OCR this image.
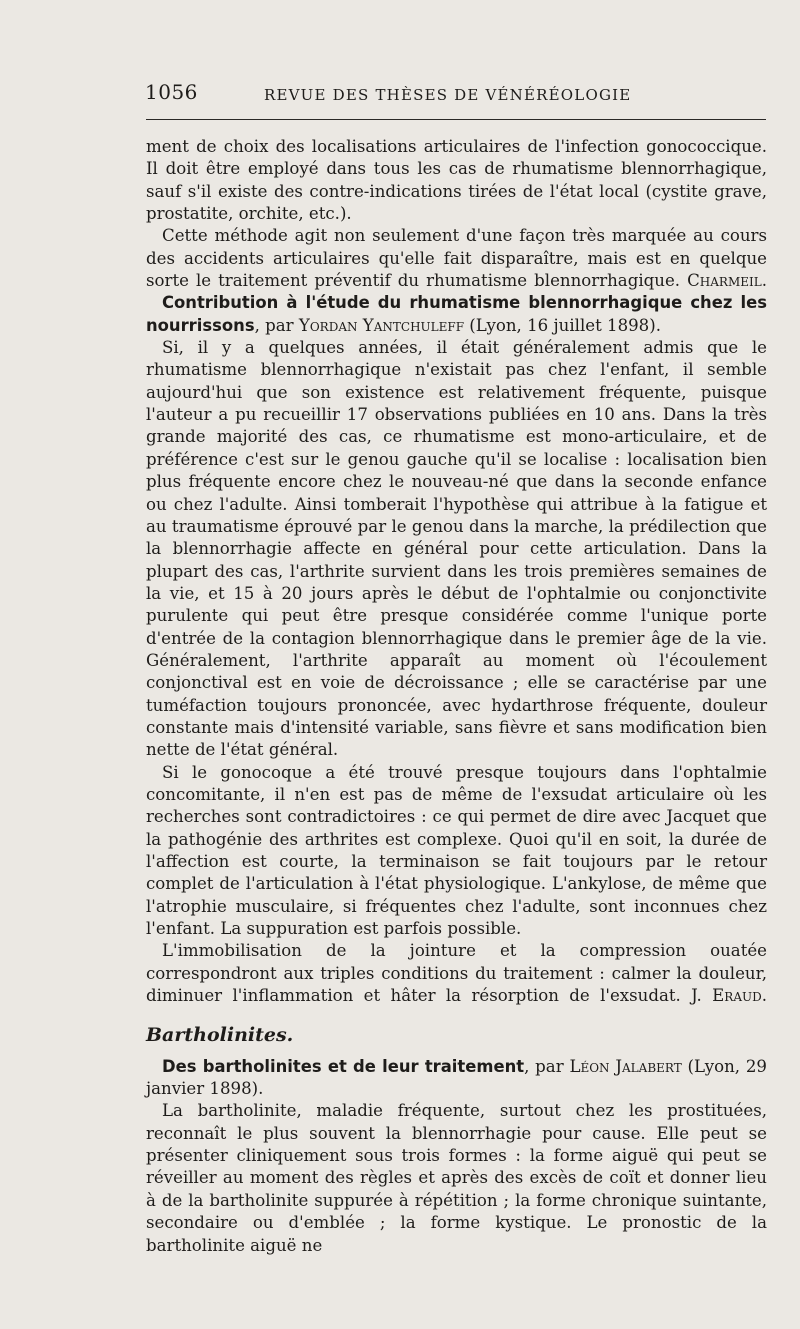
1056	REVUE DES THÈSES DE VÉNÉRÉOLOGIE

ment de choix des localisations articulaires de l'infection gonococcique. Il doit être employé dans tous les cas de rhumatisme blennorrhagique, sauf s'il existe des contre-indications tirées de l'état local (cystite grave, prostatite, orchite, etc.).

Cette méthode agit non seulement d'une façon très marquée au cours des accidents articulaires qu'elle fait disparaître, mais est en quelque sorte le traitement préventif du rhumatisme blennorrhagique. Charmeil.

Contribution à l'étude du rhumatisme blennorrhagique chez les nourrissons, par Yordan Yantchuleff (Lyon, 16 juillet 1898).

Si, il y a quelques années, il était généralement admis que le rhumatisme blennorrhagique n'existait pas chez l'enfant, il semble aujourd'hui que son existence est relativement fréquente, puisque l'auteur a pu recueillir 17 observations publiées en 10 ans. Dans la très grande majorité des cas, ce rhumatisme est mono-articulaire, et de préférence c'est sur le genou gauche qu'il se localise : localisation bien plus fréquente encore chez le nouveau-né que dans la seconde enfance ou chez l'adulte. Ainsi tomberait l'hypothèse qui attribue à la fatigue et au traumatisme éprouvé par le genou dans la marche, la prédilection que la blennorrhagie affecte en général pour cette articulation. Dans la plupart des cas, l'arthrite survient dans les trois premières semaines de la vie, et 15 à 20 jours après le début de l'ophtalmie ou conjonctivite purulente qui peut être presque considérée comme l'unique porte d'entrée de la contagion blennorrhagique dans le premier âge de la vie. Généralement, l'arthrite apparaît au moment où l'écoulement conjonctival est en voie de décroissance ; elle se caractérise par une tuméfaction toujours prononcée, avec hydarthrose fréquente, douleur constante mais d'intensité variable, sans fièvre et sans modification bien nette de l'état général.

Si le gonocoque a été trouvé presque toujours dans l'ophtalmie concomitante, il n'en est pas de même de l'exsudat articulaire où les recherches sont contradictoires : ce qui permet de dire avec Jacquet que la pathogénie des arthrites est complexe. Quoi qu'il en soit, la durée de l'affection est courte, la terminaison se fait toujours par le retour complet de l'articulation à l'état physiologique. L'ankylose, de même que l'atrophie musculaire, si fréquentes chez l'adulte, sont inconnues chez l'enfant. La suppuration est parfois possible.

L'immobilisation de la jointure et la compression ouatée correspondront aux triples conditions du traitement : calmer la douleur, diminuer l'inflammation et hâter la résorption de l'exsudat. J. Eraud.

Bartholinites.

Des bartholinites et de leur traitement, par Léon Jalabert (Lyon, 29 janvier 1898).

La bartholinite, maladie fréquente, surtout chez les prostituées, reconnaît le plus souvent la blennorrhagie pour cause. Elle peut se présenter cliniquement sous trois formes : la forme aiguë qui peut se réveiller au moment des règles et après des excès de coït et donner lieu à de la bartholinite suppurée à répétition ; la forme chronique suintante, secondaire ou d'emblée ; la forme kystique. Le pronostic de la bartholinite aiguë ne
